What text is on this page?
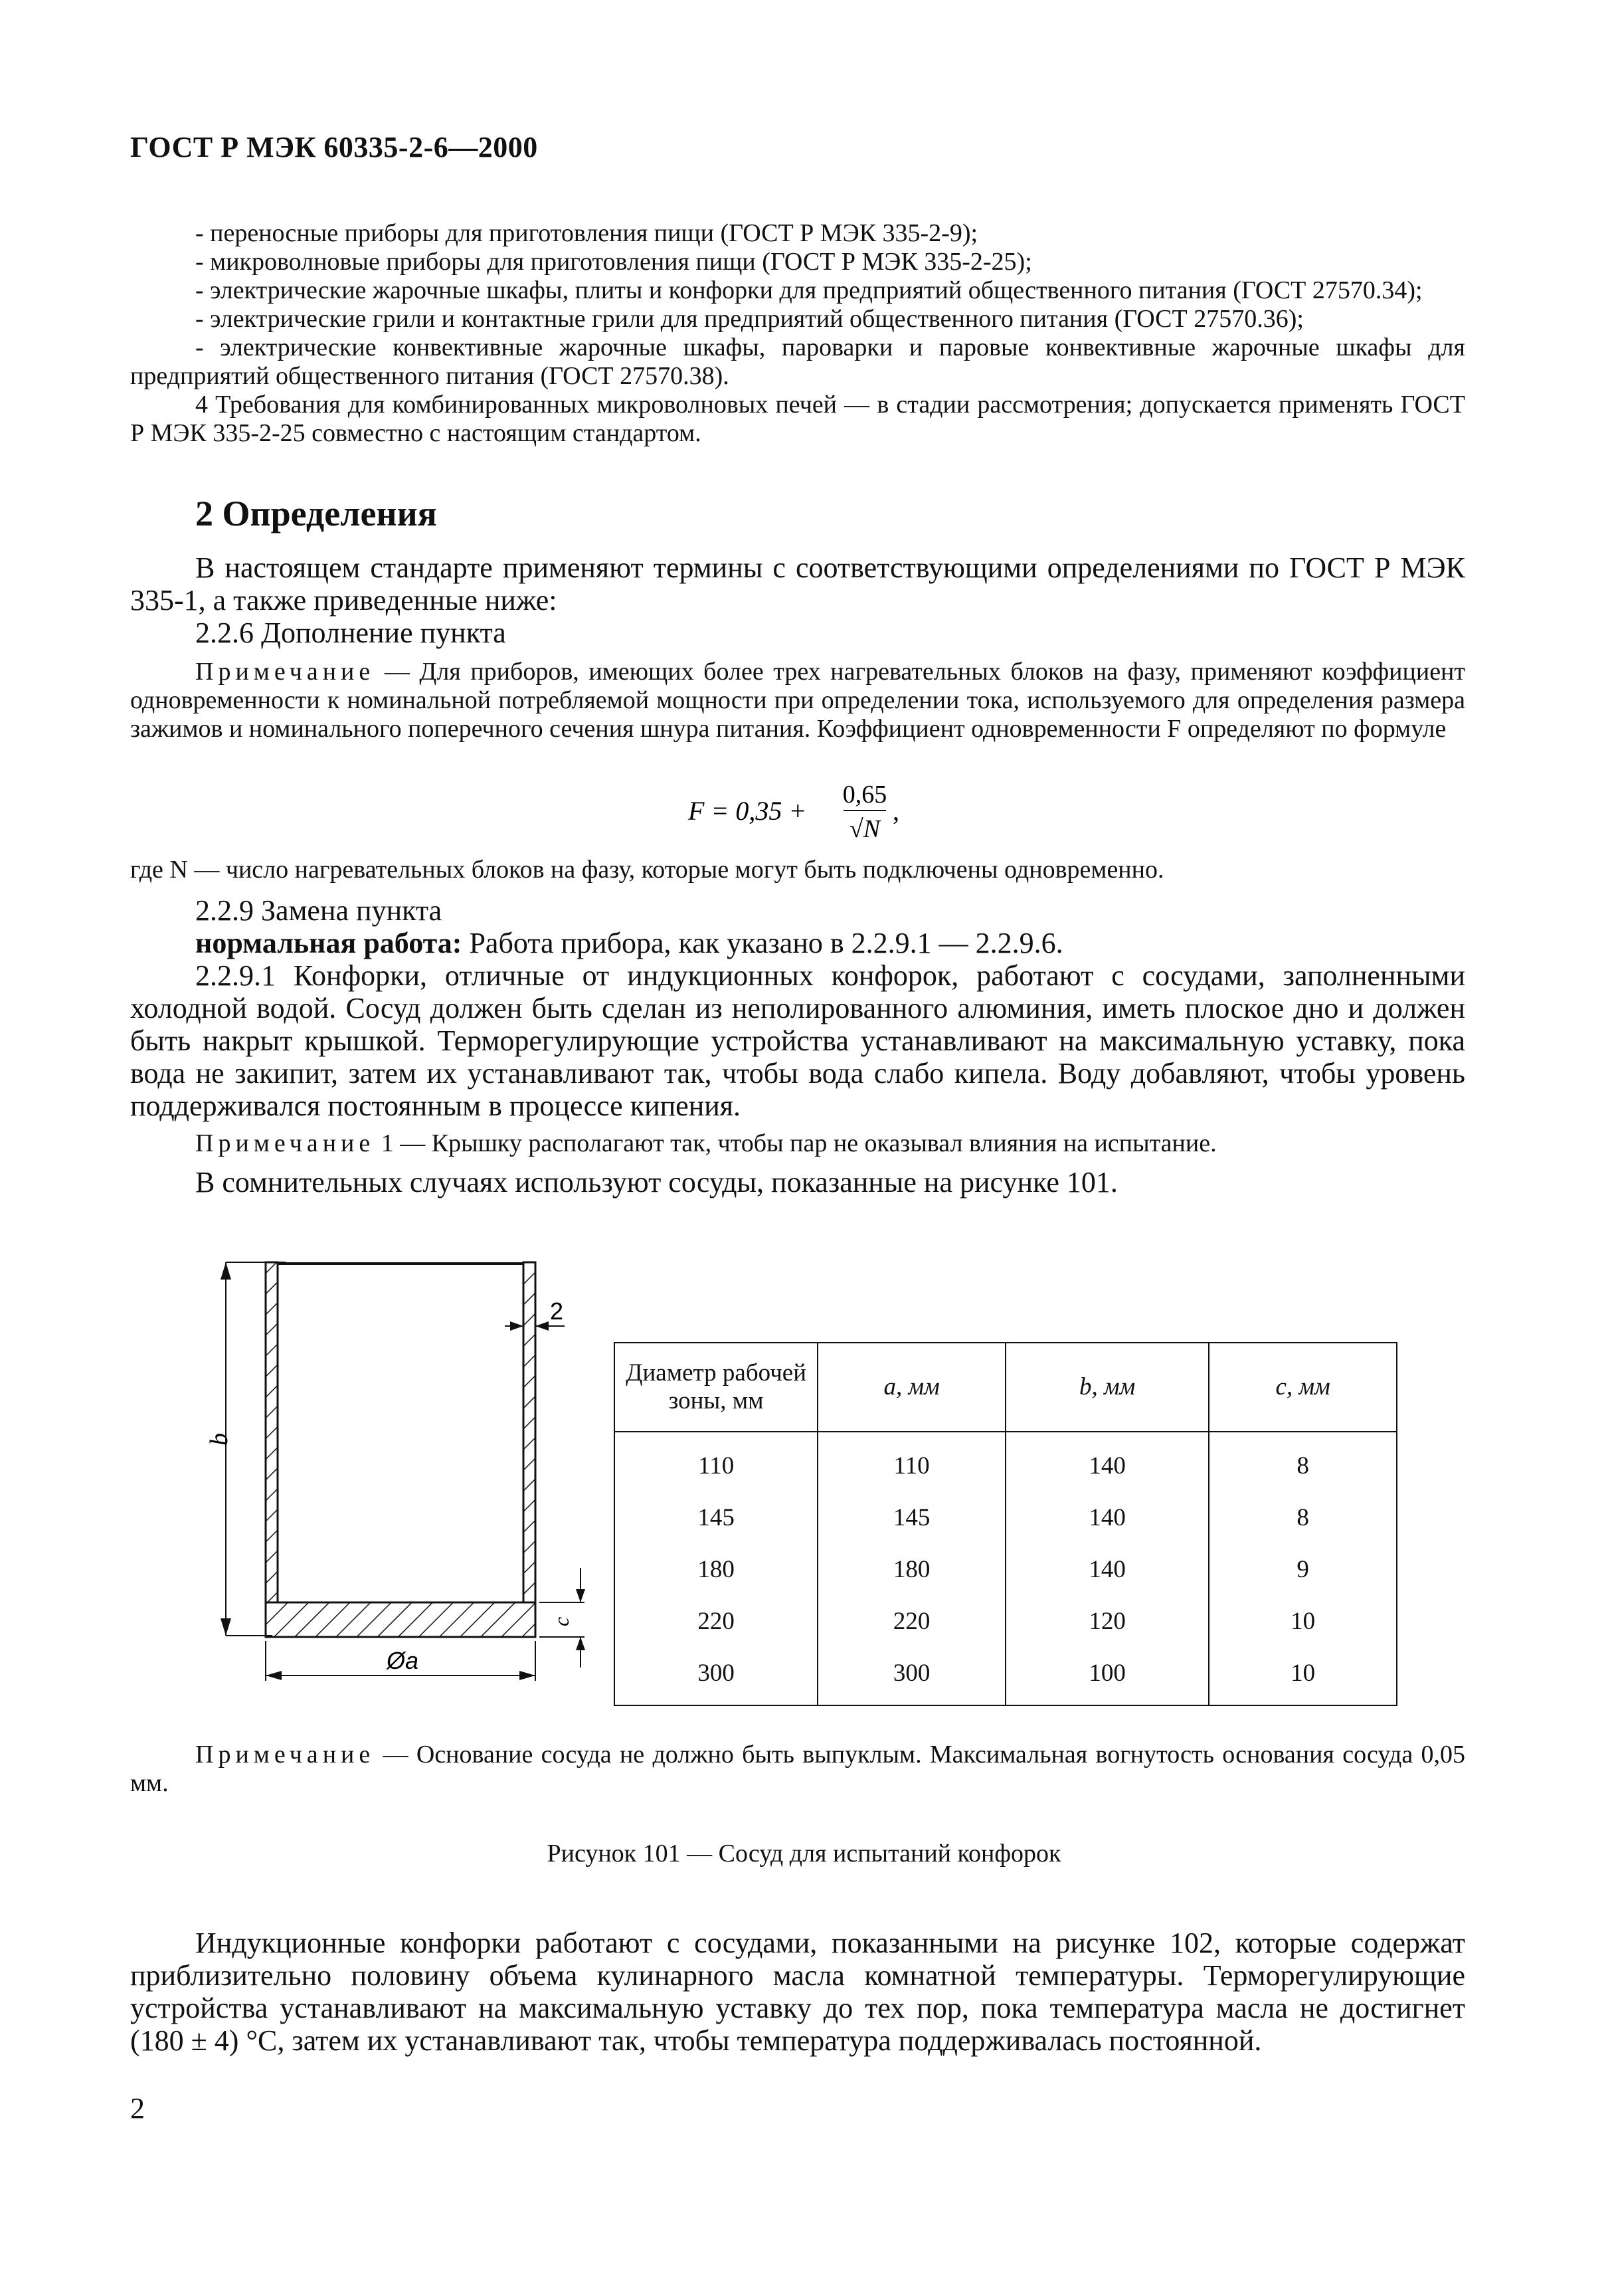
ГОСТ Р МЭК 60335-2-6—2000
- переносные приборы для приготовления пищи (ГОСТ Р МЭК 335-2-9);
- микроволновые приборы для приготовления пищи (ГОСТ Р МЭК 335-2-25);
- электрические жарочные шкафы, плиты и конфорки для предприятий общественного питания (ГОСТ 27570.34);
- электрические грили и контактные грили для предприятий общественного питания (ГОСТ 27570.36);
- электрические конвективные жарочные шкафы, пароварки и паровые конвективные жарочные шкафы для предприятий общественного питания (ГОСТ 27570.38).
4 Требования для комбинированных микроволновых печей — в стадии рассмотрения; допускается применять ГОСТ Р МЭК 335-2-25 совместно с настоящим стандартом.
2 Определения
В настоящем стандарте применяют термины с соответствующими определениями по ГОСТ Р МЭК 335-1, а также приведенные ниже:
2.2.6 Дополнение пункта
Примечание — Для приборов, имеющих более трех нагревательных блоков на фазу, применяют коэффициент одновременности к номинальной потребляемой мощности при определении тока, используемого для определения размера зажимов и номинального поперечного сечения шнура питания. Коэффициент одновременности F определяют по формуле
F = 0,35 +
0,65
√N
,
где N — число нагревательных блоков на фазу, которые могут быть подключены одновременно.
2.2.9 Замена пункта
нормальная работа: Работа прибора, как указано в 2.2.9.1 — 2.2.9.6.
2.2.9.1 Конфорки, отличные от индукционных конфорок, работают с сосудами, заполненными холодной водой. Сосуд должен быть сделан из неполированного алюминия, иметь плоское дно и должен быть накрыт крышкой. Терморегулирующие устройства устанавливают на максимальную уставку, пока вода не закипит, затем их устанавливают так, чтобы вода слабо кипела. Воду добавляют, чтобы уровень поддерживался постоянным в процессе кипения.
Примечание 1 — Крышку располагают так, чтобы пар не оказывал влияния на испытание.
В сомнительных случаях используют сосуды, показанные на рисунке 101.
b
2
c
Øa
Диаметр рабочей зоны, мм	a, мм	b, мм	c, мм
110	110	140	8
145	145	140	8
180	180	140	9
220	220	120	10
300	300	100	10
Примечание — Основание сосуда не должно быть выпуклым. Максимальная вогнутость основания сосуда 0,05 мм.
Рисунок 101 — Сосуд для испытаний конфорок
Индукционные конфорки работают с сосудами, показанными на рисунке 102, которые содержат приблизительно половину объема кулинарного масла комнатной температуры. Терморегулирующие устройства устанавливают на максимальную уставку до тех пор, пока температура масла не достигнет (180 ± 4) °С, затем их устанавливают так, чтобы температура поддерживалась постоянной.
2
